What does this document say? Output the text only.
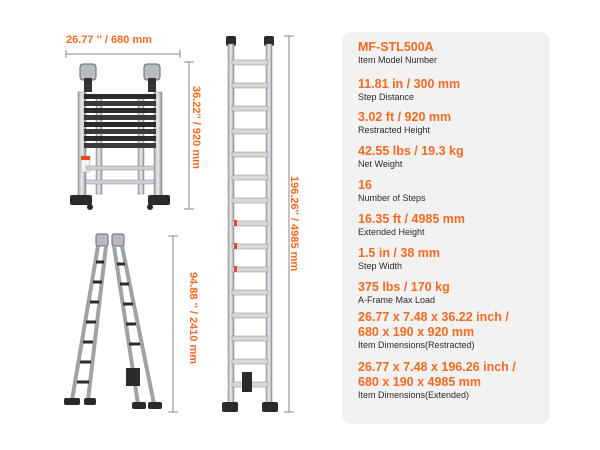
26.77 '' / 680 mm
36.22'' / 920 mm
196.26'' / 4985 mm
94.88 '' / 2410 mm
MF-STL500A
Item Model Number
11.81 in / 300 mm
Step Distance
3.02 ft / 920 mm
Restracted Height
42.55 lbs / 19.3 kg
Net Weight
16
Number of Steps
16.35 ft / 4985 mm
Extended Height
1.5 in / 38 mm
Step Width
375 lbs / 170 kg
A-Frame Max Load
26.77 x 7.48 x 36.22 inch /
680 x 190 x 920 mm
Item Dimensions(Restracted)
26.77 x 7.48 x 196.26 inch /
680 x 190 x 4985 mm
Item Dimensions(Extended)
